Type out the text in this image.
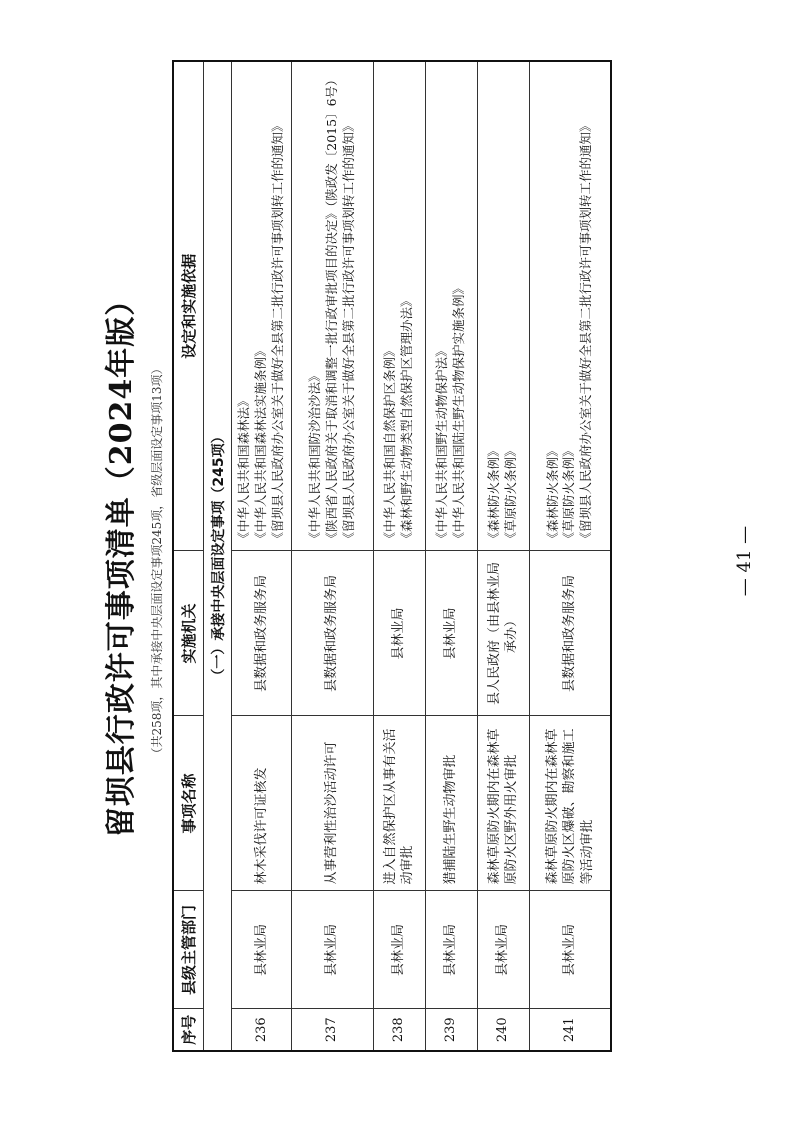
留坝县行政许可事项清单（2024年版） （共258项，其中承接中央层面设定事项245项，省级层面设定事项13项）

序号	县级主管部门	事项名称	实施机关	设定和实施依据
（一）承接中央层面设定事项（245项）				
236	县林业局	林木采伐许可证核发	县数据和政务服务局	《中华人民共和国森林法》 《中华人民共和国森林法实施条例》 《留坝县人民政府办公室关于做好全县第二批行政许可事项划转工作的通知》

237	县林业局	从事营利性治沙活动许可	县数据和政务服务局	《中华人民共和国防沙治沙法》 《陕西省人民政府关于取消和调整一批行政审批项目的决定》（陕政发〔2015〕6号） 《留坝县人民政府办公室关于做好全县第二批行政许可事项划转工作的通知》

238	县林业局	进入自然保护区从事有关活动审批	县林业局	《中华人民共和国自然保护区条例》 《森林和野生动物类型自然保护区管理办法》

239	县林业局	猎捕陆生野生动物审批	县林业局	《中华人民共和国野生动物保护法》 《中华人民共和国陆生野生动物保护实施条例》

240	县林业局	森林草原防火期内在森林草原防火区野外用火审批	县人民政府（由县林业局承办）	《森林防火条例》 《草原防火条例》

241	县林业局	森林草原防火期内在森林草原防火区爆破、勘察和施工等活动审批	县数据和政务服务局	《森林防火条例》 《草原防火条例》 《留坝县人民政府办公室关于做好全县第二批行政许可事项划转工作的通知》
— 41 —
